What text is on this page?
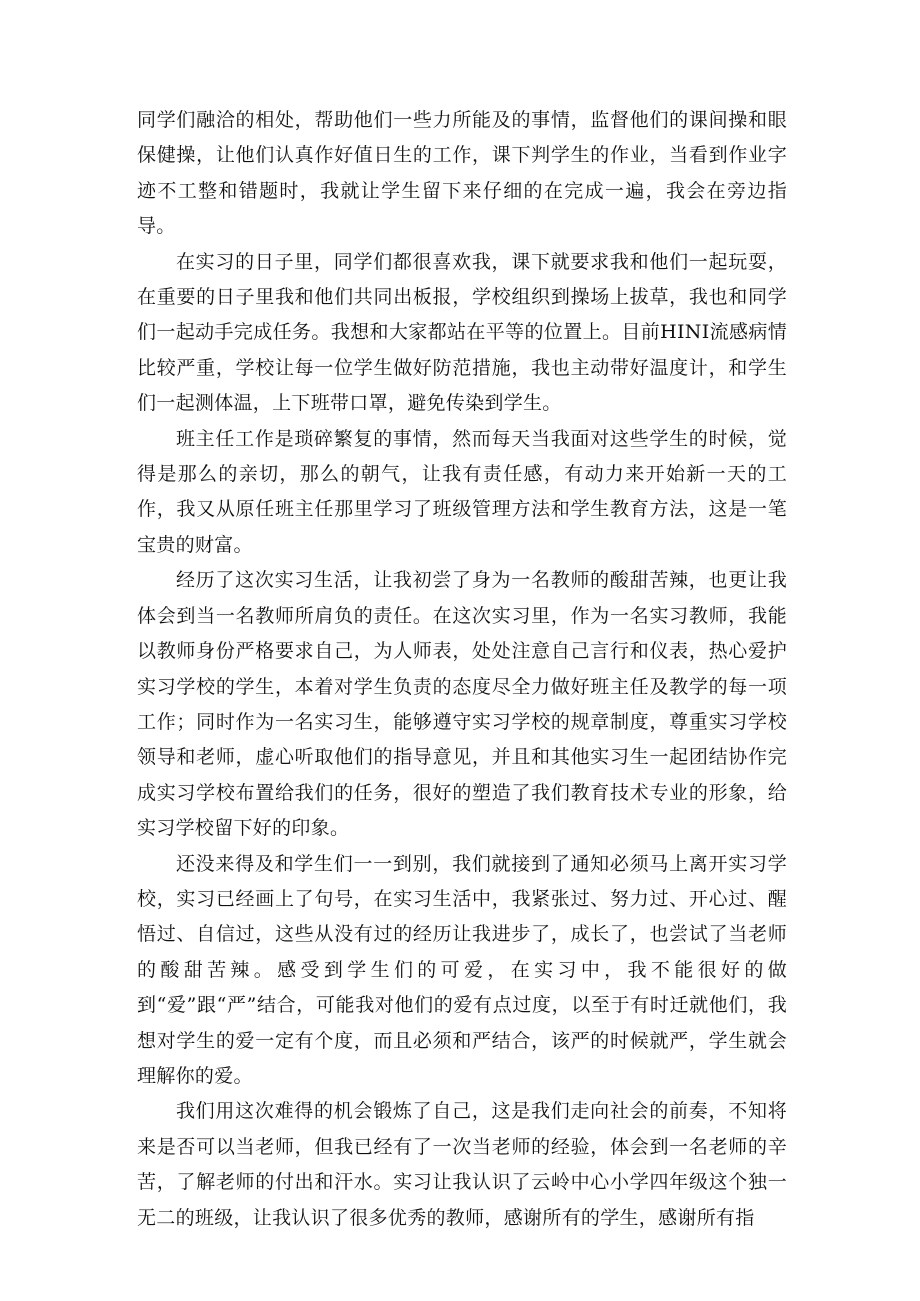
同学们融洽的相处，帮助他们一些力所能及的事情，监督他们的课间操和眼保健操，让他们认真作好值日生的工作，课下判学生的作业，当看到作业字迹不工整和错题时，我就让学生留下来仔细的在完成一遍，我会在旁边指导。

在实习的日子里，同学们都很喜欢我，课下就要求我和他们一起玩耍，在重要的日子里我和他们共同出板报，学校组织到操场上拔草，我也和同学们一起动手完成任务。我想和大家都站在平等的位置上。目前HINI流感病情比较严重，学校让每一位学生做好防范措施，我也主动带好温度计，和学生们一起测体温，上下班带口罩，避免传染到学生。

班主任工作是琐碎繁复的事情，然而每天当我面对这些学生的时候，觉得是那么的亲切，那么的朝气，让我有责任感，有动力来开始新一天的工作，我又从原任班主任那里学习了班级管理方法和学生教育方法，这是一笔宝贵的财富。

经历了这次实习生活，让我初尝了身为一名教师的酸甜苦辣，也更让我体会到当一名教师所肩负的责任。在这次实习里，作为一名实习教师，我能以教师身份严格要求自己，为人师表，处处注意自己言行和仪表，热心爱护实习学校的学生，本着对学生负责的态度尽全力做好班主任及教学的每一项工作；同时作为一名实习生，能够遵守实习学校的规章制度，尊重实习学校领导和老师，虚心听取他们的指导意见，并且和其他实习生一起团结协作完成实习学校布置给我们的任务，很好的塑造了我们教育技术专业的形象，给实习学校留下好的印象。

还没来得及和学生们一一到别，我们就接到了通知必须马上离开实习学校，实习已经画上了句号，在实习生活中，我紧张过、努力过、开心过、醒悟过、自信过，这些从没有过的经历让我进步了，成长了，也尝试了当老师的酸甜苦辣。感受到学生们的可爱，在实习中，我不能很好的做到“爱”跟“严”结合，可能我对他们的爱有点过度，以至于有时迁就他们，我想对学生的爱一定有个度，而且必须和严结合，该严的时候就严，学生就会理解你的爱。

我们用这次难得的机会锻炼了自己，这是我们走向社会的前奏，不知将来是否可以当老师，但我已经有了一次当老师的经验，体会到一名老师的辛苦，了解老师的付出和汗水。实习让我认识了云岭中心小学四年级这个独一无二的班级，让我认识了很多优秀的教师，感谢所有的学生，感谢所有指
